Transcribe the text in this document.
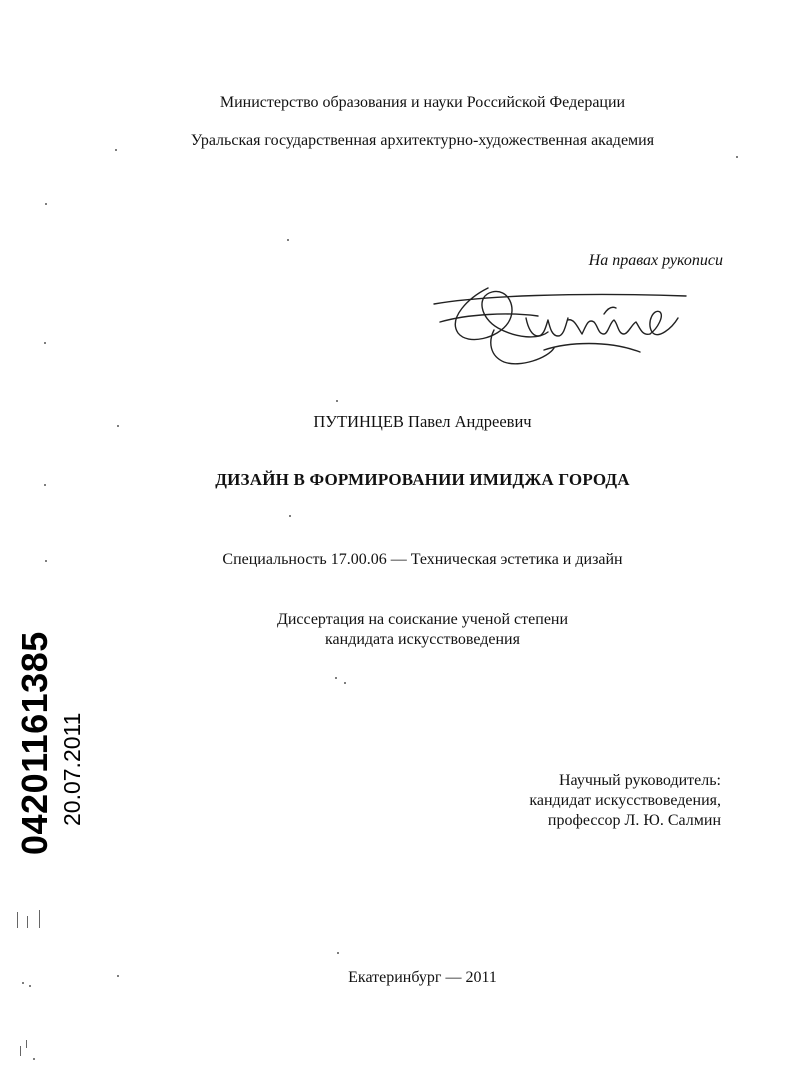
Министерство образования и науки Российской Федерации
Уральская государственная архитектурно-художественная академия
На правах рукописи
ПУТИНЦЕВ Павел Андреевич
ДИЗАЙН В ФОРМИРОВАНИИ ИМИДЖА ГОРОДА
Специальность 17.00.06 — Техническая эстетика и дизайн
Диссертация на соискание ученой степени
кандидата искусствоведения
Научный руководитель:
кандидат искусствоведения,
профессор Л. Ю. Салмин
Екатеринбург — 2011
04201161385 20.07.2011
